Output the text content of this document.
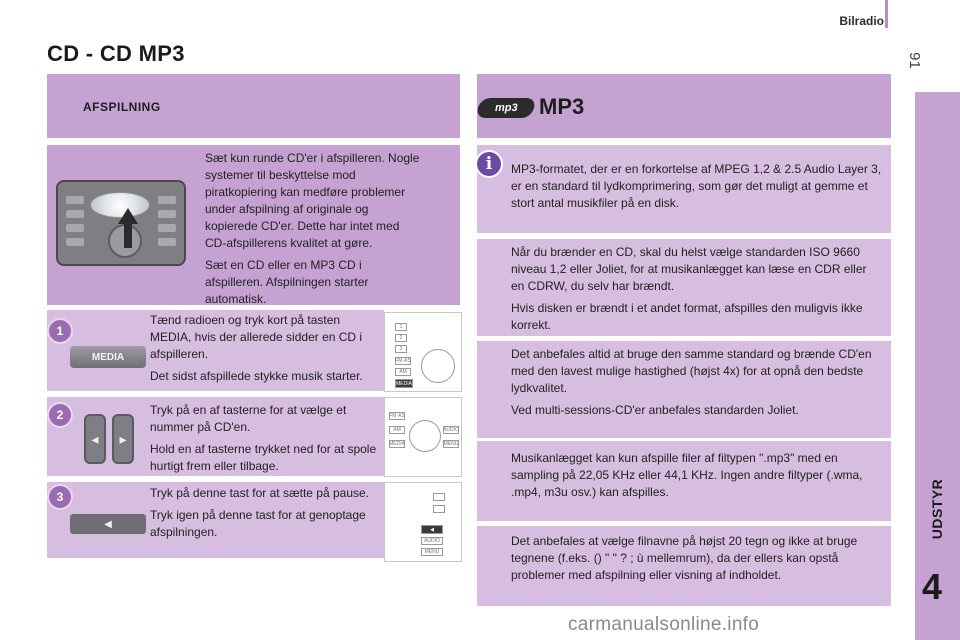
Bilradio
91
CD - CD MP3
UDSTYR
4
AFSPILNING

Sæt kun runde CD'er i afspilleren. Nogle systemer til beskyttelse mod piratkopiering kan medføre problemer under afspilning af originale og kopierede CD'er. Dette har intet med CD-afspillerens kvalitet at gøre.

Sæt en CD eller en MP3 CD i afspilleren. Afspilningen starter automatisk.

1
MEDIA

Tænd radioen og tryk kort på tasten MEDIA, hvis der allerede sidder en CD i afspilleren.

Det sidst afspillede stykke musik starter.

2
◂	▸

Tryk på en af tasterne for at vælge et nummer på CD'en.

Hold en af tasterne trykket ned for at spole hurtigt frem eller tilbage.

3
◀

Tryk på denne tast for at sætte på pause.

Tryk igen på denne tast for at genoptage afspilningen.

1
2
3
FM·AS
AM
MEDIA
FM·AS
AM
MEDIA
AUDIO
MENU
◀
AUDIO
MENU
mp3 MP3
i	MP3-formatet, der er en forkortelse af MPEG 1,2 & 2.5 Audio Layer 3, er en standard til lydkomprimering, som gør det muligt at gemme et stort antal musikfiler på en disk.

Når du brænder en CD, skal du helst vælge standarden ISO 9660 niveau 1,2 eller Joliet, for at musikanlægget kan læse en CDR eller en CDRW, du selv har brændt.

Hvis disken er brændt i et andet format, afspilles den muligvis ikke korrekt.

Det anbefales altid at bruge den samme standard og brænde CD'en med den lavest mulige hastighed (højst 4x) for at opnå den bedste lydkvalitet.

Ved multi-sessions-CD'er anbefales standarden Joliet.

Musikanlægget kan kun afspille filer af filtypen ".mp3" med en sampling på 22,05 KHz eller 44,1 KHz. Ingen andre filtyper (.wma, .mp4, m3u osv.) kan afspilles.

Det anbefales at vælge filnavne på højst 20 tegn og ikke at bruge tegnene (f.eks. () " " ? ; ù mellemrum), da der ellers kan opstå problemer med afspilning eller visning af indholdet.

carmanualsonline.info
